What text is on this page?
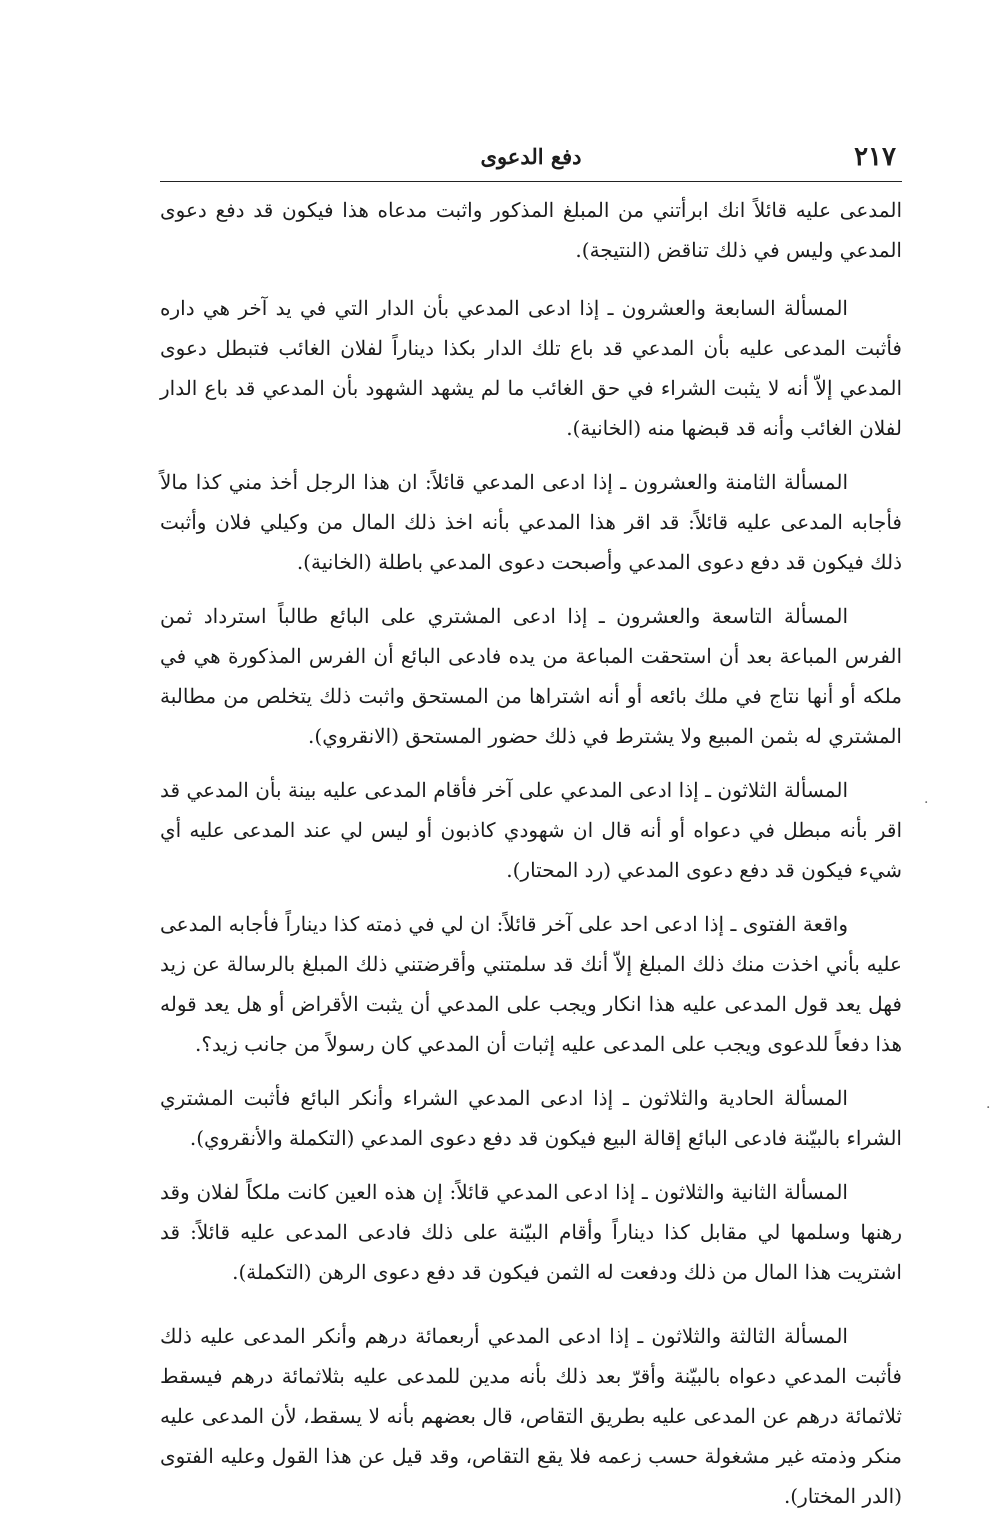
٢١٧
دفع الدعوى

المدعى عليه قائلاً انك ابرأتني من المبلغ المذكور واثبت مدعاه هذا فيكون قد دفع دعوى المدعي وليس في ذلك تناقض (النتيجة).

المسألة السابعة والعشرون ـ إذا ادعى المدعي بأن الدار التي في يد آخر هي داره فأثبت المدعى عليه بأن المدعي قد باع تلك الدار بكذا ديناراً لفلان الغائب فتبطل دعوى المدعي إلاّ أنه لا يثبت الشراء في حق الغائب ما لم يشهد الشهود بأن المدعي قد باع الدار لفلان الغائب وأنه قد قبضها منه (الخانية).

المسألة الثامنة والعشرون ـ إذا ادعى المدعي قائلاً: ان هذا الرجل أخذ مني كذا مالاً فأجابه المدعى عليه قائلاً: قد اقر هذا المدعي بأنه اخذ ذلك المال من وكيلي فلان وأثبت ذلك فيكون قد دفع دعوى المدعي وأصبحت دعوى المدعي باطلة (الخانية).

المسألة التاسعة والعشرون ـ إذا ادعى المشتري على البائع طالباً استرداد ثمن الفرس المباعة بعد أن استحقت المباعة من يده فادعى البائع أن الفرس المذكورة هي في ملكه أو أنها نتاج في ملك بائعه أو أنه اشتراها من المستحق واثبت ذلك يتخلص من مطالبة المشتري له بثمن المبيع ولا يشترط في ذلك حضور المستحق (الانقروي).

المسألة الثلاثون ـ إذا ادعى المدعي على آخر فأقام المدعى عليه بينة بأن المدعي قد اقر بأنه مبطل في دعواه أو أنه قال ان شهودي كاذبون أو ليس لي عند المدعى عليه أي شيء فيكون قد دفع دعوى المدعي (رد المحتار).

واقعة الفتوى ـ إذا ادعى احد على آخر قائلاً: ان لي في ذمته كذا ديناراً فأجابه المدعى عليه بأني اخذت منك ذلك المبلغ إلاّ أنك قد سلمتني وأقرضتني ذلك المبلغ بالرسالة عن زيد فهل يعد قول المدعى عليه هذا انكار ويجب على المدعي أن يثبت الأقراض أو هل يعد قوله هذا دفعاً للدعوى ويجب على المدعى عليه إثبات أن المدعي كان رسولاً من جانب زيد؟.

المسألة الحادية والثلاثون ـ إذا ادعى المدعي الشراء وأنكر البائع فأثبت المشتري الشراء بالبيّنة فادعى البائع إقالة البيع فيكون قد دفع دعوى المدعي (التكملة والأنقروي).

المسألة الثانية والثلاثون ـ إذا ادعى المدعي قائلاً: إن هذه العين كانت ملكاً لفلان وقد رهنها وسلمها لي مقابل كذا ديناراً وأقام البيّنة على ذلك فادعى المدعى عليه قائلاً: قد اشتريت هذا المال من ذلك ودفعت له الثمن فيكون قد دفع دعوى الرهن (التكملة).

المسألة الثالثة والثلاثون ـ إذا ادعى المدعي أربعمائة درهم وأنكر المدعى عليه ذلك فأثبت المدعي دعواه بالبيّنة وأقرّ بعد ذلك بأنه مدين للمدعى عليه بثلاثمائة درهم فيسقط ثلاثمائة درهم عن المدعى عليه بطريق التقاص، قال بعضهم بأنه لا يسقط، لأن المدعى عليه منكر وذمته غير مشغولة حسب زعمه فلا يقع التقاص، وقد قيل عن هذا القول وعليه الفتوى (الدر المختار).

·
·
